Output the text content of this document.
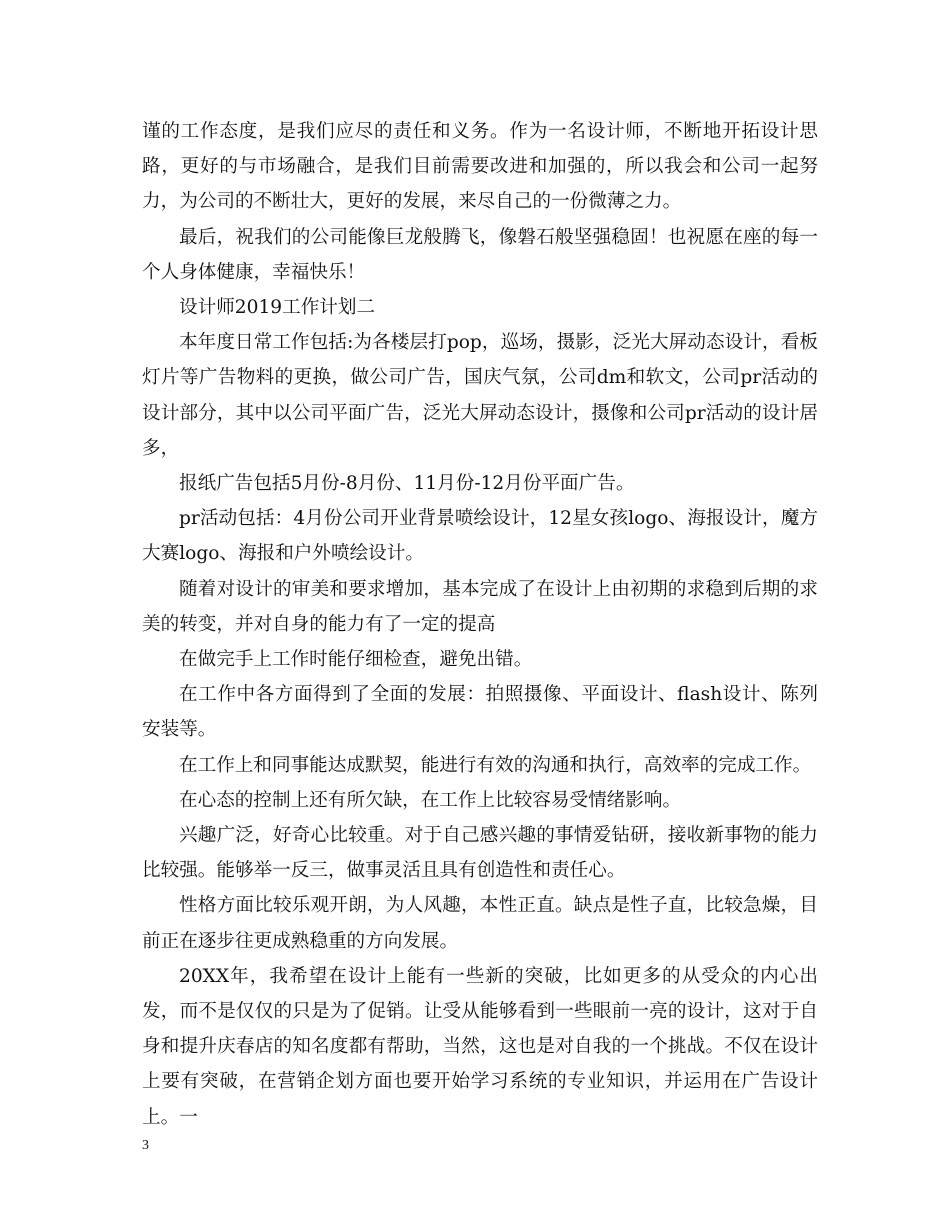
谨的工作态度，是我们应尽的责任和义务。作为一名设计师，不断地开拓设计思路，更好的与市场融合，是我们目前需要改进和加强的，所以我会和公司一起努力，为公司的不断壮大，更好的发展，来尽自己的一份微薄之力。

最后，祝我们的公司能像巨龙般腾飞，像磐石般坚强稳固！也祝愿在座的每一个人身体健康，幸福快乐！

设计师2019工作计划二

本年度日常工作包括:为各楼层打pop，巡场，摄影，泛光大屏动态设计，看板灯片等广告物料的更换，做公司广告，国庆气氛，公司dm和软文，公司pr活动的设计部分，其中以公司平面广告，泛光大屏动态设计，摄像和公司pr活动的设计居多，

报纸广告包括5月份-8月份、11月份-12月份平面广告。

pr活动包括：4月份公司开业背景喷绘设计，12星女孩logo、海报设计，魔方大赛logo、海报和户外喷绘设计。

随着对设计的审美和要求增加，基本完成了在设计上由初期的求稳到后期的求美的转变，并对自身的能力有了一定的提高

在做完手上工作时能仔细检查，避免出错。

在工作中各方面得到了全面的发展：拍照摄像、平面设计、flash设计、陈列安装等。

在工作上和同事能达成默契，能进行有效的沟通和执行，高效率的完成工作。

在心态的控制上还有所欠缺，在工作上比较容易受情绪影响。

兴趣广泛，好奇心比较重。对于自己感兴趣的事情爱钻研，接收新事物的能力比较强。能够举一反三，做事灵活且具有创造性和责任心。

性格方面比较乐观开朗，为人风趣，本性正直。缺点是性子直，比较急燥，目前正在逐步往更成熟稳重的方向发展。

20XX年，我希望在设计上能有一些新的突破，比如更多的从受众的内心出发，而不是仅仅的只是为了促销。让受从能够看到一些眼前一亮的设计，这对于自身和提升庆春店的知名度都有帮助，当然，这也是对自我的一个挑战。不仅在设计上要有突破，在营销企划方面也要开始学习系统的专业知识，并运用在广告设计上。一

3
